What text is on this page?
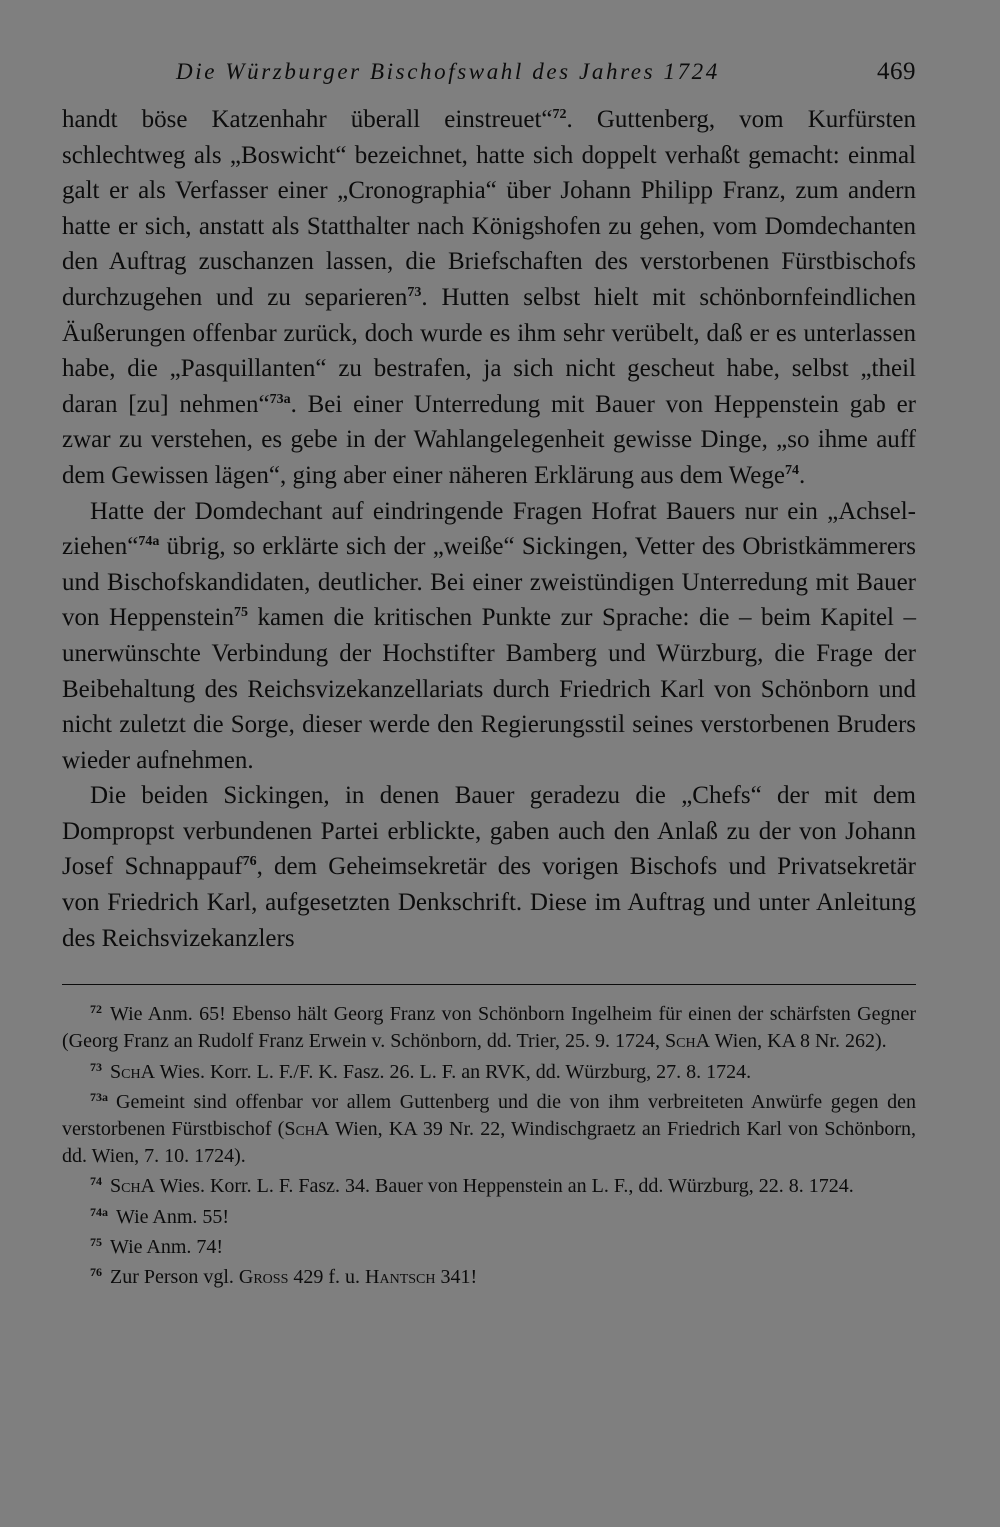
Die Würzburger Bischofswahl des Jahres 1724	469

handt böse Katzenhahr überall einstreuet“$^{72}$. Guttenberg, vom Kurfürsten schlechtweg als „Boswicht“ bezeichnet, hatte sich doppelt verhaßt gemacht: einmal galt er als Verfasser einer „Cronographia“ über Johann Philipp Franz, zum andern hatte er sich, anstatt als Statthalter nach Königshofen zu gehen, vom Domdechanten den Auftrag zuschanzen lassen, die Briefschaften des verstorbenen Fürstbischofs durchzugehen und zu separieren$^{73}$. Hutten selbst hielt mit schönbornfeindlichen Äußerungen offenbar zurück, doch wurde es ihm sehr verübelt, daß er es unterlassen habe, die „Pasquillanten“ zu bestrafen, ja sich nicht gescheut habe, selbst „theil daran [zu] nehmen“$^{73a}$. Bei einer Unterredung mit Bauer von Heppenstein gab er zwar zu verstehen, es gebe in der Wahlangelegenheit gewisse Dinge, „so ihme auff dem Gewissen lägen“, ging aber einer näheren Erklärung aus dem Wege$^{74}$.

Hatte der Domdechant auf eindringende Fragen Hofrat Bauers nur ein „Achsel-ziehen“$^{74a}$ übrig, so erklärte sich der „weiße“ Sickingen, Vetter des Obristkämmerers und Bischofskandidaten, deutlicher. Bei einer zweistündigen Unterredung mit Bauer von Heppenstein$^{75}$ kamen die kritischen Punkte zur Sprache: die – beim Kapitel – unerwünschte Verbindung der Hochstifter Bamberg und Würzburg, die Frage der Beibehaltung des Reichsvizekanzellariats durch Friedrich Karl von Schönborn und nicht zuletzt die Sorge, dieser werde den Regierungsstil seines verstorbenen Bruders wieder aufnehmen.

Die beiden Sickingen, in denen Bauer geradezu die „Chefs“ der mit dem Dompropst verbundenen Partei erblickte, gaben auch den Anlaß zu der von Johann Josef Schnappauf$^{76}$, dem Geheimsekretär des vorigen Bischofs und Privatsekretär von Friedrich Karl, aufgesetzten Denkschrift. Diese im Auftrag und unter Anleitung des Reichsvizekanzlers

$^{72}$ Wie Anm. 65! Ebenso hält Georg Franz von Schönborn Ingelheim für einen der schärfsten Gegner (Georg Franz an Rudolf Franz Erwein v. Schönborn, dd. Trier, 25. 9. 1724, SchA Wien, KA 8 Nr. 262).

$^{73}$ SchA Wies. Korr. L. F./F. K. Fasz. 26. L. F. an RVK, dd. Würzburg, 27. 8. 1724.

$^{73a}$ Gemeint sind offenbar vor allem Guttenberg und die von ihm verbreiteten Anwürfe gegen den verstorbenen Fürstbischof (SchA Wien, KA 39 Nr. 22, Windischgraetz an Friedrich Karl von Schönborn, dd. Wien, 7. 10. 1724).

$^{74}$ SchA Wies. Korr. L. F. Fasz. 34. Bauer von Heppenstein an L. F., dd. Würzburg, 22. 8. 1724.

$^{74a}$ Wie Anm. 55!

$^{75}$ Wie Anm. 74!

$^{76}$ Zur Person vgl. Gross 429 f. u. Hantsch 341!
